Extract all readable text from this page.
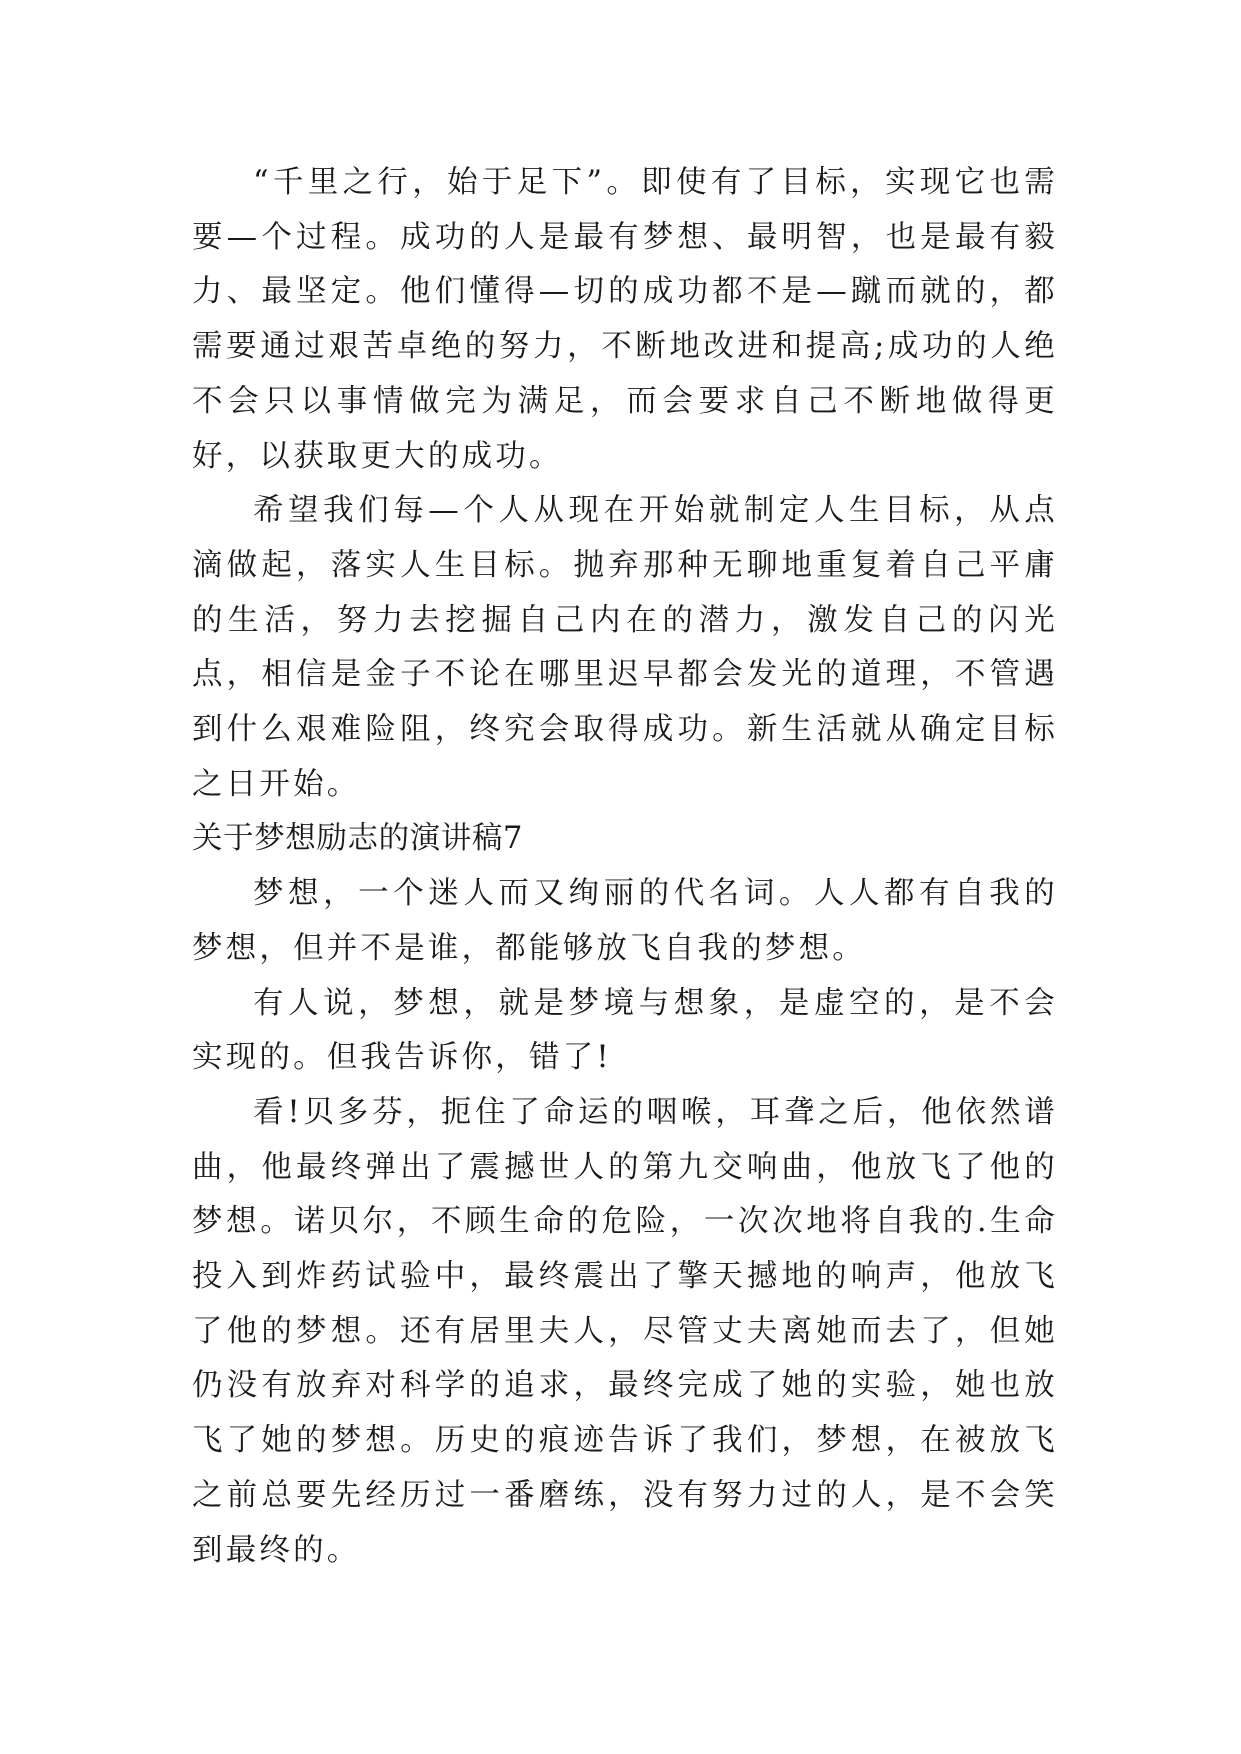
“千里之行，始于足下”。即使有了目标，实现它也需要—个过程。成功的人是最有梦想、最明智，也是最有毅力、最坚定。他们懂得—切的成功都不是—蹴而就的，都需要通过艰苦卓绝的努力，不断地改进和提高;成功的人绝不会只以事情做完为满足，而会要求自己不断地做得更好，以获取更大的成功。

希望我们每—个人从现在开始就制定人生目标，从点滴做起，落实人生目标。抛弃那种无聊地重复着自己平庸的生活，努力去挖掘自己内在的潜力，激发自己的闪光点，相信是金子不论在哪里迟早都会发光的道理，不管遇到什么艰难险阻，终究会取得成功。新生活就从确定目标之日开始。

关于梦想励志的演讲稿7

梦想，一个迷人而又绚丽的代名词。人人都有自我的梦想，但并不是谁，都能够放飞自我的梦想。

有人说，梦想，就是梦境与想象，是虚空的，是不会实现的。但我告诉你，错了!

看!贝多芬，扼住了命运的咽喉，耳聋之后，他依然谱曲，他最终弹出了震撼世人的第九交响曲，他放飞了他的梦想。诺贝尔，不顾生命的危险，一次次地将自我的.生命投入到炸药试验中，最终震出了擎天撼地的响声，他放飞了他的梦想。还有居里夫人，尽管丈夫离她而去了，但她仍没有放弃对科学的追求，最终完成了她的实验，她也放飞了她的梦想。历史的痕迹告诉了我们，梦想，在被放飞之前总要先经历过一番磨练，没有努力过的人，是不会笑到最终的。
